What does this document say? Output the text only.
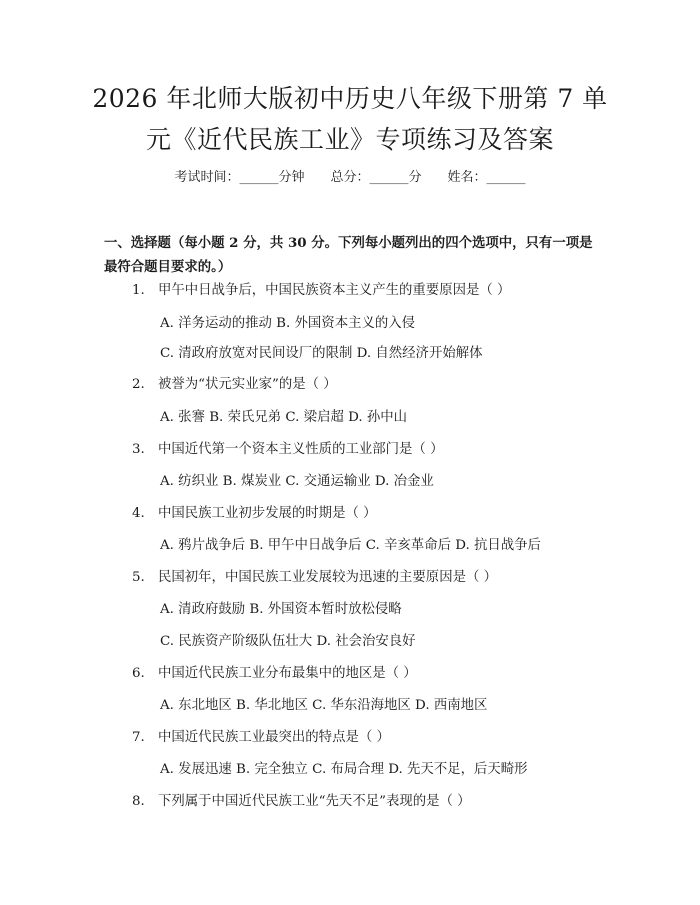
2026 年北师大版初中历史八年级下册第 7 单
元《近代民族工业》专项练习及答案
考试时间：______分钟 总分：______分 姓名：______
一、选择题（每小题 2 分，共 30 分。下列每小题列出的四个选项中，只有一项是最符合题目要求的。）
1. 甲午中日战争后，中国民族资本主义产生的重要原因是（ ）
A. 洋务运动的推动 B. 外国资本主义的入侵
C. 清政府放宽对民间设厂的限制 D. 自然经济开始解体
2. 被誉为“状元实业家”的是（ ）
A. 张謇 B. 荣氏兄弟 C. 梁启超 D. 孙中山
3. 中国近代第一个资本主义性质的工业部门是（ ）
A. 纺织业 B. 煤炭业 C. 交通运输业 D. 冶金业
4. 中国民族工业初步发展的时期是（ ）
A. 鸦片战争后 B. 甲午中日战争后 C. 辛亥革命后 D. 抗日战争后
5. 民国初年，中国民族工业发展较为迅速的主要原因是（ ）
A. 清政府鼓励 B. 外国资本暂时放松侵略
C. 民族资产阶级队伍壮大 D. 社会治安良好
6. 中国近代民族工业分布最集中的地区是（ ）
A. 东北地区 B. 华北地区 C. 华东沿海地区 D. 西南地区
7. 中国近代民族工业最突出的特点是（ ）
A. 发展迅速 B. 完全独立 C. 布局合理 D. 先天不足，后天畸形
8. 下列属于中国近代民族工业“先天不足”表现的是（ ）
